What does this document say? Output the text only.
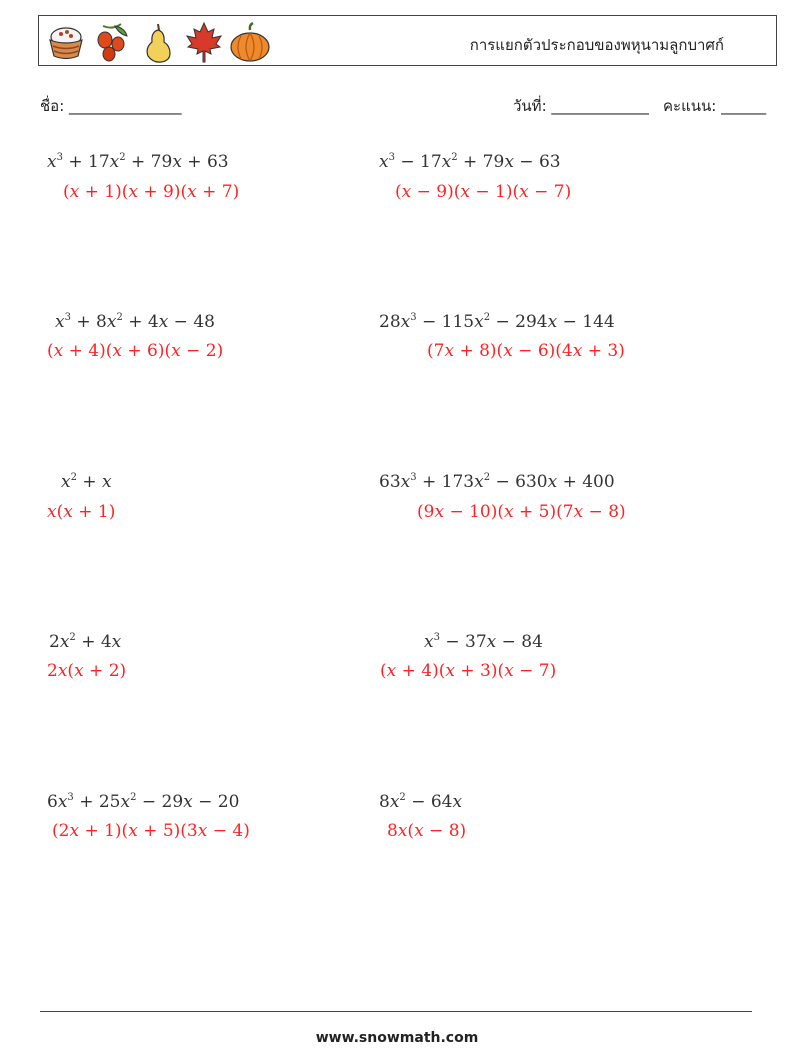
การแยกตัวประกอบของพหุนามลูกบาศก์
ชื่อ: _______________	วันที่: _____________ คะแนน: ______
$x^3 + 17x^2 + 79x + 63$
(x + 1)(x + 9)(x + 7)
$x^3 - 17x^2 + 79x - 63$
(x − 9)(x − 1)(x − 7)
$x^3 + 8x^2 + 4x - 48$
(x + 4)(x + 6)(x − 2)
$28x^3 - 115x^2 - 294x - 144$
(7x + 8)(x − 6)(4x + 3)
$x^2 + x$
x(x + 1)
$63x^3 + 173x^2 - 630x + 400$
(9x − 10)(x + 5)(7x − 8)
$2x^2 + 4x$
2x(x + 2)
$x^3 - 37x - 84$
(x + 4)(x + 3)(x − 7)
$6x^3 + 25x^2 - 29x - 20$
(2x + 1)(x + 5)(3x − 4)
$8x^2 - 64x$
8x(x − 8)
www.snowmath.com
